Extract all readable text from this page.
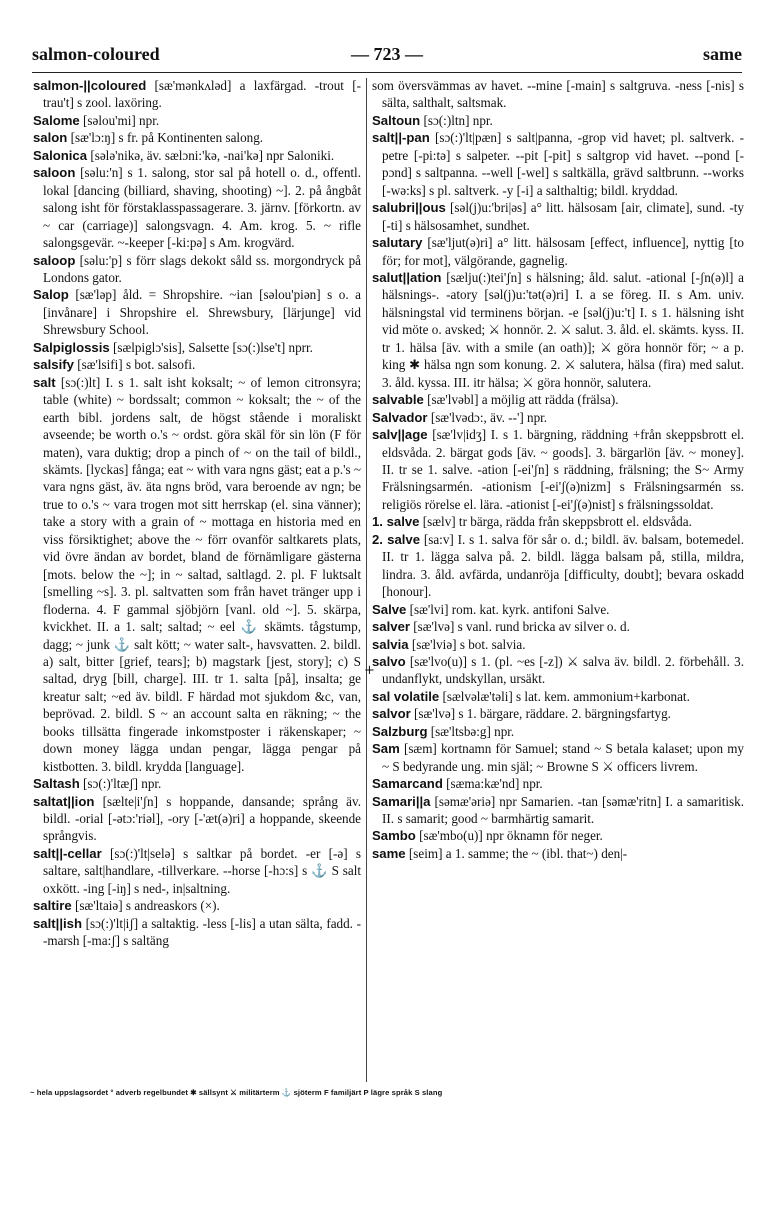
salmon-coloured	— 723 —	same

salmon-||coloured [sæ'mənkʌləd] a laxfärgad. -trout [-trau't] s zool. laxöring.

Salome [səlou'mi] npr.

salon [sæ'lɔ:ŋ] s fr. på Kontinenten salong.

Salonica [sələ'nikə, äv. sælɔni:'kə, -nai'kə] npr Saloniki.

saloon [səlu:'n] s 1. salong, stor sal på hotell o. d., offentl. lokal [dancing (billiard, shaving, shooting) ~]. 2. på ångbåt salong isht för förstaklasspassagerare. 3. järnv. [förkortn. av ~ car (carriage)] salongsvagn. 4. Am. krog. 5. ~ rifle salongsgevär. ~-keeper [-ki:pə] s Am. krogvärd.

saloop [səlu:'p] s förr slags dekokt såld ss. morgondryck på Londons gator.

Salop [sæ'ləp] åld. = Shropshire. ~ian [səlou'piən] s o. a [invånare] i Shropshire el. Shrewsbury, [lärjunge] vid Shrewsbury School.

Salpiglossis [sælpiglɔ'sis], Salsette [sɔ(:)lse't] nprr.

salsify [sæ'lsifi] s bot. salsofi.

salt [sɔ(:)lt] I. s 1. salt isht koksalt; ~ of lemon citronsyra; table (white) ~ bordssalt; common ~ koksalt; the ~ of the earth bibl. jordens salt, de högst stående i moraliskt avseende; be worth o.'s ~ ordst. göra skäl för sin lön (F för maten), vara duktig; drop a pinch of ~ on the tail of bildl., skämts. [lyckas] fånga; eat ~ with vara ngns gäst; eat a p.'s ~ vara ngns gäst, äv. äta ngns bröd, vara beroende av ngn; be true to o.'s ~ vara trogen mot sitt herrskap (el. sina vänner); take a story with a grain of ~ mottaga en historia med en viss försiktighet; above the ~ förr ovanför saltkarets plats, vid övre ändan av bordet, bland de förnämligare gästerna [mots. below the ~]; in ~ saltad, saltlagd. 2. pl. F luktsalt [smelling ~s]. 3. pl. saltvatten som från havet tränger upp i floderna. 4. F gammal sjöbjörn [vanl. old ~]. 5. skärpa, kvickhet. II. a 1. salt; saltad; ~ eel ⚓ skämts. tågstump, dagg; ~ junk ⚓ salt kött; ~ water salt-, havsvatten. 2. bildl. a) salt, bitter [grief, tears]; b) magstark [jest, story]; c) S saltad, dryg [bill, charge]. III. tr 1. salta [på], insalta; ge kreatur salt; ~ed äv. bildl. F härdad mot sjukdom &c, van, beprövad. 2. bildl. S ~ an account salta en räkning; ~ the books tillsätta fingerade inkomstposter i räkenskaper; ~ down money lägga undan pengar, lägga pengar på kistbotten. 3. bildl. krydda [language].

Saltash [sɔ(:)'ltæʃ] npr.

saltat||ion [sælte|i'ʃn] s hoppande, dansande; språng äv. bildl. -orial [-ətɔ:'riəl], -ory [-'æt(ə)ri] a hoppande, skeende språngvis.

salt||-cellar [sɔ(:)'lt|selə] s saltkar på bordet. -er [-ə] s saltare, salt|handlare, -tillverkare. --horse [-hɔ:s] s ⚓ S salt oxkött. -ing [-iŋ] s ned-, in|saltning.

saltire [sæ'ltaiə] s andreaskors (×).

salt||ish [sɔ(:)'lt|iʃ] a saltaktig. -less [-lis] a utan sälta, fadd. --marsh [-ma:ʃ] s saltäng

som översvämmas av havet. --mine [-main] s saltgruva. -ness [-nis] s sälta, salthalt, saltsmak.

Saltoun [sɔ(:)ltn] npr.

salt||-pan [sɔ(:)'lt|pæn] s salt|panna, -grop vid havet; pl. saltverk. -petre [-pi:tə] s salpeter. --pit [-pit] s saltgrop vid havet. --pond [-pɔnd] s saltpanna. --well [-wel] s saltkälla, grävd saltbrunn. --works [-wə:ks] s pl. saltverk. -y [-i] a salthaltig; bildl. kryddad.

salubri||ous [səl(j)u:'bri|əs] a° litt. hälsosam [air, climate], sund. -ty [-ti] s hälsosamhet, sundhet.

salutary [sæ'ljut(ə)ri] a° litt. hälsosam [effect, influence], nyttig [to för; for mot], välgörande, gagnelig.

salut||ation [sælju(:)tei'ʃn] s hälsning; åld. salut. -ational [-ʃn(ə)l] a hälsnings-. -atory [səl(j)u:'tət(ə)ri] I. a se föreg. II. s Am. univ. hälsningstal vid terminens början. -e [səl(j)u:'t] I. s 1. hälsning isht vid möte o. avsked; ⚔ honnör. 2. ⚔ salut. 3. åld. el. skämts. kyss. II. tr 1. hälsa [äv. with a smile (an oath)]; ⚔ göra honnör för; ~ a p. king ✱ hälsa ngn som konung. 2. ⚔ salutera, hälsa (fira) med salut. 3. åld. kyssa. III. itr hälsa; ⚔ göra honnör, salutera.

salvable [sæ'lvəbl] a möjlig att rädda (frälsa).

Salvador [sæ'lvədɔ:, äv. --'] npr.

salv||age [sæ'lv|idʒ] I. s 1. bärgning, räddning +från skeppsbrott el. eldsvåda. 2. bärgat gods [äv. ~ goods]. 3. bärgarlön [äv. ~ money]. II. tr se 1. salve. -ation [-ei'ʃn] s räddning, frälsning; the S~ Army Frälsningsarmén. -ationism [-ei'ʃ(ə)nizm] s Frälsningsarmén ss. religiös rörelse el. lära. -ationist [-ei'ʃ(ə)nist] s frälsningssoldat.

1. salve [sælv] tr bärga, rädda från skeppsbrott el. eldsvåda.

2. salve [sa:v] I. s 1. salva för sår o. d.; bildl. äv. balsam, botemedel. II. tr 1. lägga salva på. 2. bildl. lägga balsam på, stilla, mildra, lindra. 3. åld. avfärda, undanröja [difficulty, doubt]; bevara oskadd [honour].

Salve [sæ'lvi] rom. kat. kyrk. antifoni Salve.

salver [sæ'lvə] s vanl. rund bricka av silver o. d.

salvia [sæ'lviə] s bot. salvia.

salvo [sæ'lvo(u)] s 1. (pl. ~es [-z]) ⚔ salva äv. bildl. 2. förbehåll. 3. undanflykt, undskyllan, ursäkt.

sal volatile [sælvəlæ'təli] s lat. kem. ammonium+karbonat.

salvor [sæ'lvə] s 1. bärgare, räddare. 2. bärgningsfartyg.

Salzburg [sæ'ltsbə:g] npr.

Sam [sæm] kortnamn för Samuel; stand ~ S betala kalaset; upon my ~ S bedyrande ung. min själ; ~ Browne S ⚔ officers livrem.

Samarcand [sæma:kæ'nd] npr.

Samari||a [səmæ'əriə] npr Samarien. -tan [səmæ'ritn] I. a samaritisk. II. s samarit; good ~ barmhärtig samarit.

Sambo [sæ'mbo(u)] npr öknamn för neger.

same [seim] a 1. samme; the ~ (ibl. that~) den|-

+
~ hela uppslagsordet ° adverb regelbundet ✱ sällsynt ⚔ militärterm ⚓ sjöterm F familjärt P lägre språk S slang
